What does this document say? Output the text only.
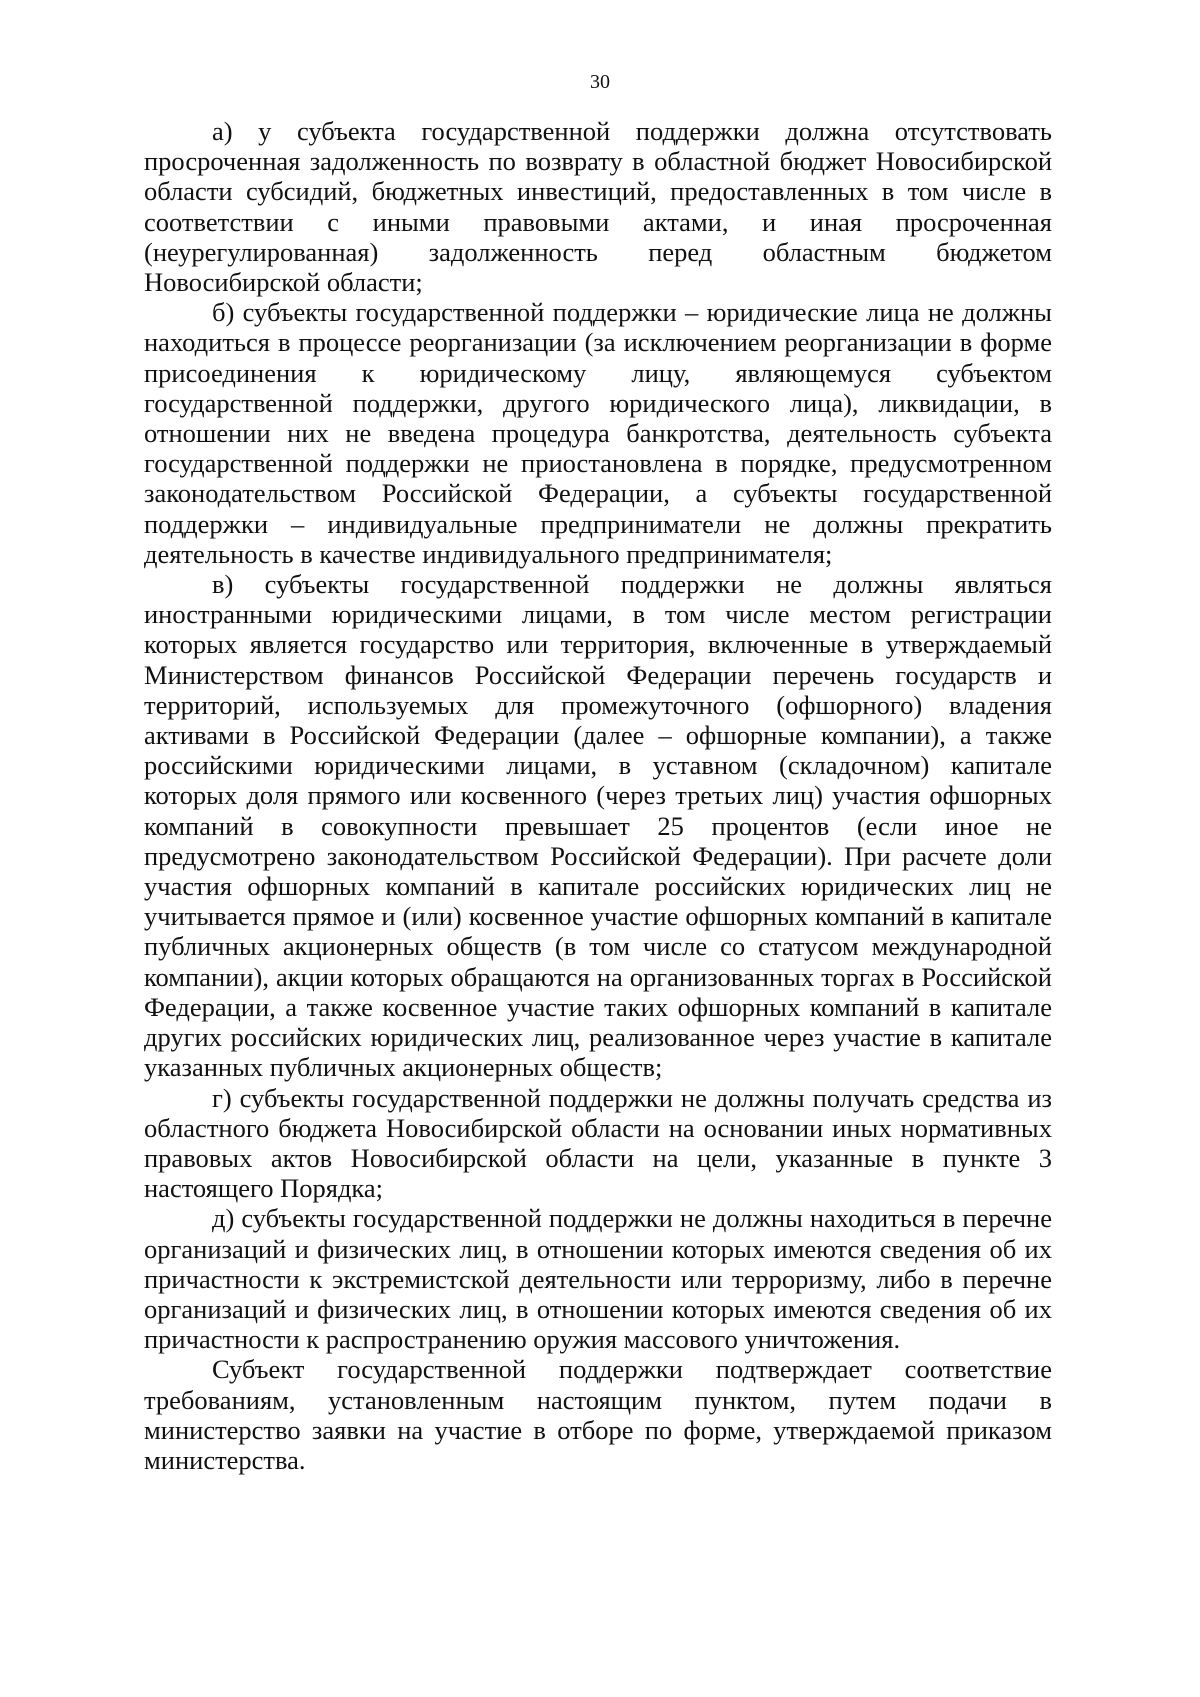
30

а) у субъекта государственной поддержки должна отсутствовать просроченная задолженность по возврату в областной бюджет Новосибирской области субсидий, бюджетных инвестиций, предоставленных в том числе в соответствии с иными правовыми актами, и иная просроченная (неурегулированная) задолженность перед областным бюджетом Новосибирской области;

б) субъекты государственной поддержки – юридические лица не должны находиться в процессе реорганизации (за исключением реорганизации в форме присоединения к юридическому лицу, являющемуся субъектом государственной поддержки, другого юридического лица), ликвидации, в отношении них не введена процедура банкротства, деятельность субъекта государственной поддержки не приостановлена в порядке, предусмотренном законодательством Российской Федерации, а субъекты государственной поддержки – индивидуальные предприниматели не должны прекратить деятельность в качестве индивидуального предпринимателя;

в) субъекты государственной поддержки не должны являться иностранными юридическими лицами, в том числе местом регистрации которых является государство или территория, включенные в утверждаемый Министерством финансов Российской Федерации перечень государств и территорий, используемых для промежуточного (офшорного) владения активами в Российской Федерации (далее – офшорные компании), а также российскими юридическими лицами, в уставном (складочном) капитале которых доля прямого или косвенного (через третьих лиц) участия офшорных компаний в совокупности превышает 25 процентов (если иное не предусмотрено законодательством Российской Федерации). При расчете доли участия офшорных компаний в капитале российских юридических лиц не учитывается прямое и (или) косвенное участие офшорных компаний в капитале публичных акционерных обществ (в том числе со статусом международной компании), акции которых обращаются на организованных торгах в Российской Федерации, а также косвенное участие таких офшорных компаний в капитале других российских юридических лиц, реализованное через участие в капитале указанных публичных акционерных обществ;

г) субъекты государственной поддержки не должны получать средства из областного бюджета Новосибирской области на основании иных нормативных правовых актов Новосибирской области на цели, указанные в пункте 3 настоящего Порядка;

д) субъекты государственной поддержки не должны находиться в перечне организаций и физических лиц, в отношении которых имеются сведения об их причастности к экстремистской деятельности или терроризму, либо в перечне организаций и физических лиц, в отношении которых имеются сведения об их причастности к распространению оружия массового уничтожения.

Субъект государственной поддержки подтверждает соответствие требованиям, установленным настоящим пунктом, путем подачи в министерство заявки на участие в отборе по форме, утверждаемой приказом министерства.
